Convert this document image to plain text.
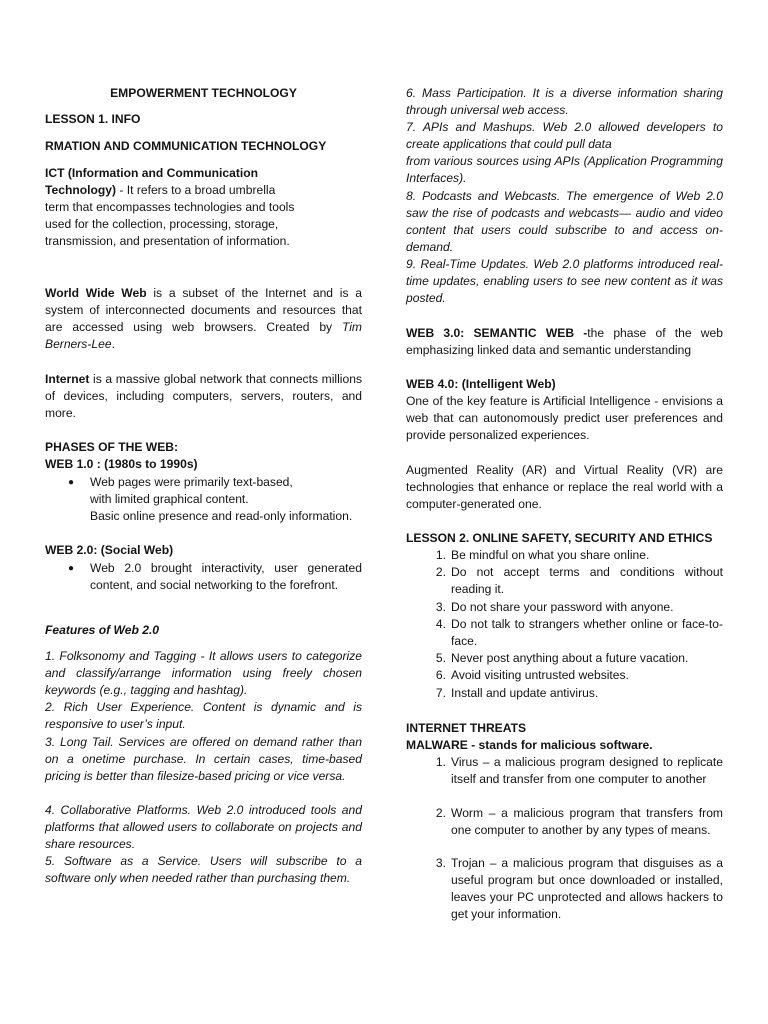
EMPOWERMENT TECHNOLOGY
LESSON 1. INFO
RMATION AND COMMUNICATION TECHNOLOGY
ICT (Information and Communication Technology) - It refers to a broad umbrella term that encompasses technologies and tools used for the collection, processing, storage, transmission, and presentation of information.
World Wide Web is a subset of the Internet and is a system of interconnected documents and resources that are accessed using web browsers. Created by Tim Berners-Lee.
Internet is a massive global network that connects millions of devices, including computers, servers, routers, and more.
PHASES OF THE WEB:
WEB 1.0 : (1980s to 1990s)
● Web pages were primarily text-based, with limited graphical content.
Basic online presence and read-only information.
WEB 2.0: (Social Web)
● Web 2.0 brought interactivity, user generated content, and social networking to the forefront.
Features of Web 2.0
1. Folksonomy and Tagging - It allows users to categorize and classify/arrange information using freely chosen keywords (e.g., tagging and hashtag).
2. Rich User Experience. Content is dynamic and is responsive to user’s input.
3. Long Tail. Services are offered on demand rather than on a onetime purchase. In certain cases, time-based pricing is better than filesize-based pricing or vice versa.
4. Collaborative Platforms. Web 2.0 introduced tools and platforms that allowed users to collaborate on projects and share resources.
5. Software as a Service. Users will subscribe to a software only when needed rather than purchasing them.
6. Mass Participation. It is a diverse information sharing through universal web access.
7. APIs and Mashups. Web 2.0 allowed developers to create applications that could pull data
from various sources using APIs (Application Programming Interfaces).
8. Podcasts and Webcasts. The emergence of Web 2.0 saw the rise of podcasts and webcasts— audio and video content that users could subscribe to and access on-demand.
9. Real-Time Updates. Web 2.0 platforms introduced real-time updates, enabling users to see new content as it was posted.
WEB 3.0: SEMANTIC WEB -the phase of the web emphasizing linked data and semantic understanding
WEB 4.0: (Intelligent Web)
One of the key feature is Artificial Intelligence - envisions a web that can autonomously predict user preferences and provide personalized experiences.
Augmented Reality (AR) and Virtual Reality (VR) are technologies that enhance or replace the real world with a computer-generated one.
LESSON 2. ONLINE SAFETY, SECURITY AND ETHICS
1. Be mindful on what you share online.
2. Do not accept terms and conditions without reading it.
3. Do not share your password with anyone.
4. Do not talk to strangers whether online or face-to- face.
5. Never post anything about a future vacation.
6. Avoid visiting untrusted websites.
7. Install and update antivirus.
INTERNET THREATS
MALWARE - stands for malicious software.
1. Virus – a malicious program designed to replicate itself and transfer from one computer to another
2. Worm – a malicious program that transfers from one computer to another by any types of means.
3. Trojan – a malicious program that disguises as a useful program but once downloaded or installed, leaves your PC unprotected and allows hackers to get your information.
